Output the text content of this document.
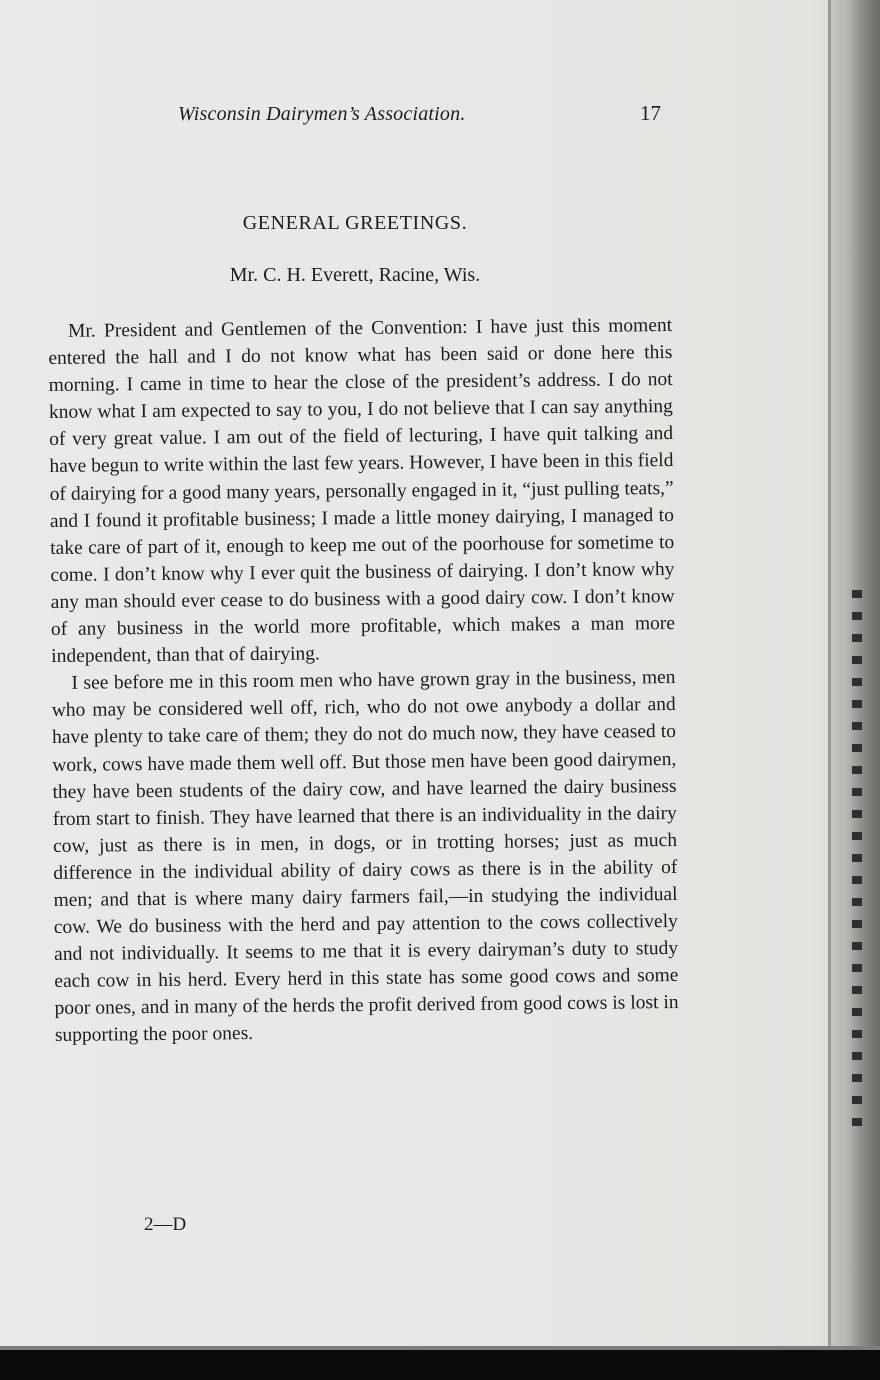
Wisconsin Dairymen’s Association.	17
GENERAL GREETINGS.
Mr. C. H. Everett, Racine, Wis.

Mr. President and Gentlemen of the Convention: I have just this moment entered the hall and I do not know what has been said or done here this morning. I came in time to hear the close of the president’s address. I do not know what I am expected to say to you, I do not believe that I can say anything of very great value. I am out of the field of lecturing, I have quit talking and have begun to write within the last few years. However, I have been in this field of dairying for a good many years, personally engaged in it, “just pulling teats,” and I found it profitable business; I made a little money dairying, I managed to take care of part of it, enough to keep me out of the poorhouse for sometime to come. I don’t know why I ever quit the business of dairying. I don’t know why any man should ever cease to do business with a good dairy cow. I don’t know of any business in the world more profitable, which makes a man more independent, than that of dairying.

I see before me in this room men who have grown gray in the business, men who may be considered well off, rich, who do not owe anybody a dollar and have plenty to take care of them; they do not do much now, they have ceased to work, cows have made them well off. But those men have been good dairymen, they have been students of the dairy cow, and have learned the dairy business from start to finish. They have learned that there is an individuality in the dairy cow, just as there is in men, in dogs, or in trotting horses; just as much difference in the individual ability of dairy cows as there is in the ability of men; and that is where many dairy farmers fail,—in studying the individual cow. We do business with the herd and pay attention to the cows collectively and not individually. It seems to me that it is every dairyman’s duty to study each cow in his herd. Every herd in this state has some good cows and some poor ones, and in many of the herds the profit derived from good cows is lost in supporting the poor ones.

2—D
